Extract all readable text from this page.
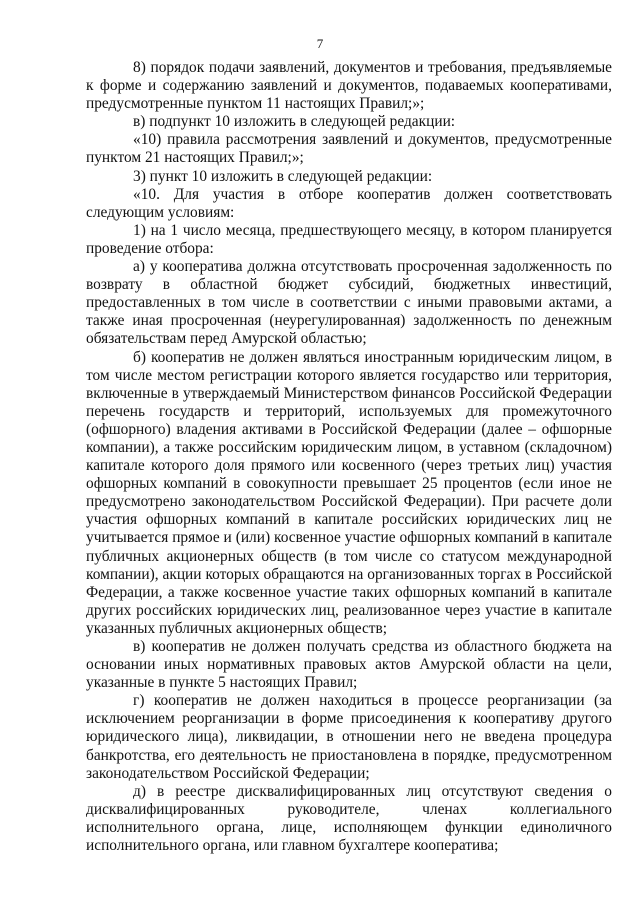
7

8) порядок подачи заявлений, документов и требования, предъявляемые к форме и содержанию заявлений и документов, подаваемых кооперативами, предусмотренные пунктом 11 настоящих Правил;»;

в) подпункт 10 изложить в следующей редакции:

«10) правила рассмотрения заявлений и документов, предусмотренные пунктом 21 настоящих Правил;»;

3) пункт 10 изложить в следующей редакции:

«10. Для участия в отборе кооператив должен соответствовать следующим условиям:

1) на 1 число месяца, предшествующего месяцу, в котором планируется проведение отбора:

а) у кооператива должна отсутствовать просроченная задолженность по возврату в областной бюджет субсидий, бюджетных инвестиций, предоставленных в том числе в соответствии с иными правовыми актами, а также иная просроченная (неурегулированная) задолженность по денежным обязательствам перед Амурской областью;

б) кооператив не должен являться иностранным юридическим лицом, в том числе местом регистрации которого является государство или территория, включенные в утверждаемый Министерством финансов Российской Федерации перечень государств и территорий, используемых для промежуточного (офшорного) владения активами в Российской Федерации (далее – офшорные компании), а также российским юридическим лицом, в уставном (складочном) капитале которого доля прямого или косвенного (через третьих лиц) участия офшорных компаний в совокупности превышает 25 процентов (если иное не предусмотрено законодательством Российской Федерации). При расчете доли участия офшорных компаний в капитале российских юридических лиц не учитывается прямое и (или) косвенное участие офшорных компаний в капитале публичных акционерных обществ (в том числе со статусом международной компании), акции которых обращаются на организованных торгах в Российской Федерации, а также косвенное участие таких офшорных компаний в капитале других российских юридических лиц, реализованное через участие в капитале указанных публичных акционерных обществ;

в) кооператив не должен получать средства из областного бюджета на основании иных нормативных правовых актов Амурской области на цели, указанные в пункте 5 настоящих Правил;

г) кооператив не должен находиться в процессе реорганизации (за исключением реорганизации в форме присоединения к кооперативу другого юридического лица), ликвидации, в отношении него не введена процедура банкротства, его деятельность не приостановлена в порядке, предусмотренном законодательством Российской Федерации;

д) в реестре дисквалифицированных лиц отсутствуют сведения о дисквалифицированных руководителе, членах коллегиального исполнительного органа, лице, исполняющем функции единоличного исполнительного органа, или главном бухгалтере кооператива;
